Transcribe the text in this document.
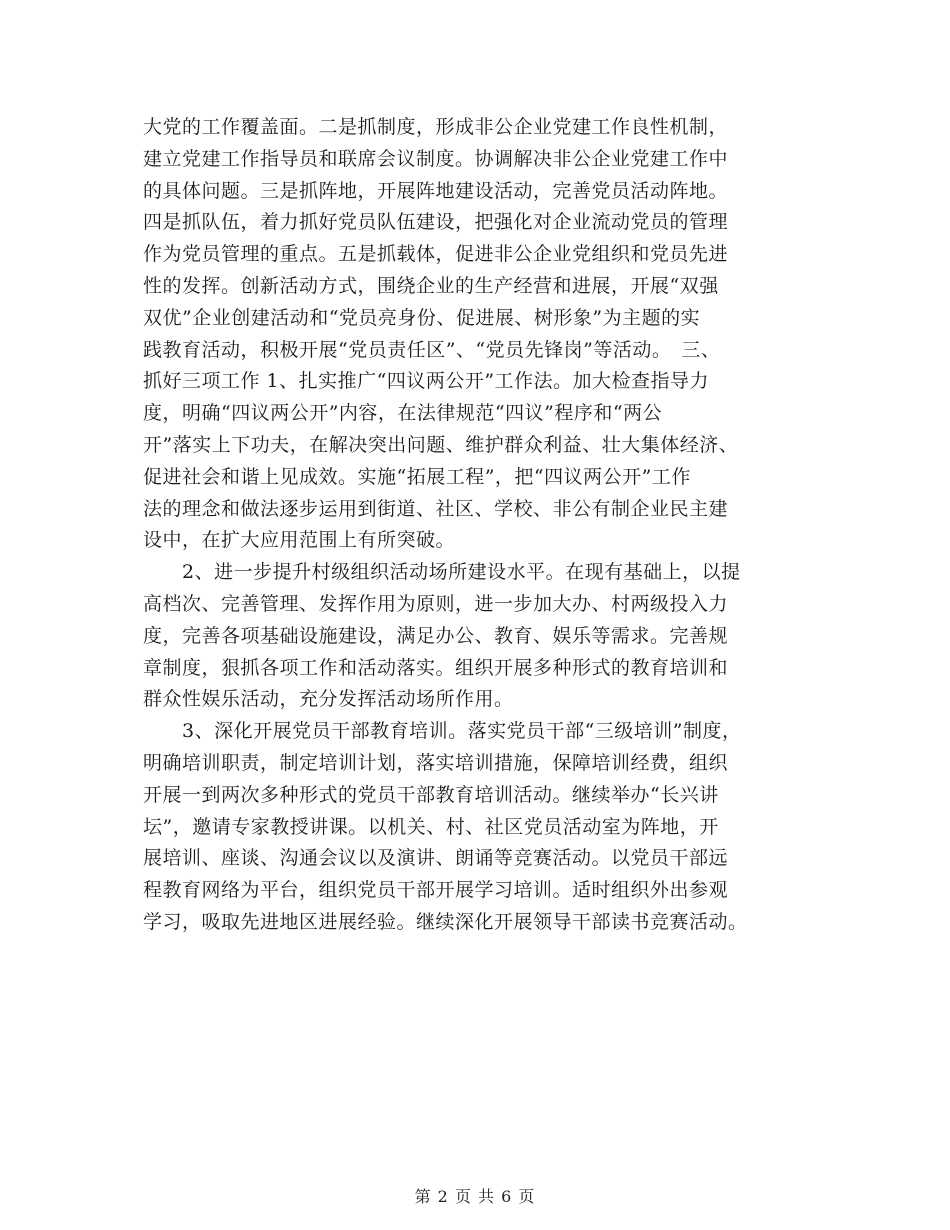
大党的工作覆盖面。二是抓制度，形成非公企业党建工作良性机制，
建立党建工作指导员和联席会议制度。协调解决非公企业党建工作中
的具体问题。三是抓阵地，开展阵地建设活动，完善党员活动阵地。
四是抓队伍，着力抓好党员队伍建设，把强化对企业流动党员的管理
作为党员管理的重点。五是抓载体，促进非公企业党组织和党员先进
性的发挥。创新活动方式，围绕企业的生产经营和进展，开展“双强
双优”企业创建活动和“党员亮身份、促进展、树形象”为主题的实
践教育活动，积极开展“党员责任区”、“党员先锋岗”等活动。　三、
抓好三项工作 1、扎实推广“四议两公开”工作法。加大检查指导力
度，明确“四议两公开”内容，在法律规范“四议”程序和“两公
开”落实上下功夫，在解决突出问题、维护群众利益、壮大集体经济、
促进社会和谐上见成效。实施“拓展工程”，把“四议两公开”工作
法的理念和做法逐步运用到街道、社区、学校、非公有制企业民主建
设中，在扩大应用范围上有所突破。
　　2、进一步提升村级组织活动场所建设水平。在现有基础上，以提
高档次、完善管理、发挥作用为原则，进一步加大办、村两级投入力
度，完善各项基础设施建设，满足办公、教育、娱乐等需求。完善规
章制度，狠抓各项工作和活动落实。组织开展多种形式的教育培训和
群众性娱乐活动，充分发挥活动场所作用。
　　3、深化开展党员干部教育培训。落实党员干部“三级培训”制度，
明确培训职责，制定培训计划，落实培训措施，保障培训经费，组织
开展一到两次多种形式的党员干部教育培训活动。继续举办“长兴讲
坛”，邀请专家教授讲课。以机关、村、社区党员活动室为阵地，开
展培训、座谈、沟通会议以及演讲、朗诵等竞赛活动。以党员干部远
程教育网络为平台，组织党员干部开展学习培训。适时组织外出参观
学习，吸取先进地区进展经验。继续深化开展领导干部读书竞赛活动。
第 2 页 共 6 页
